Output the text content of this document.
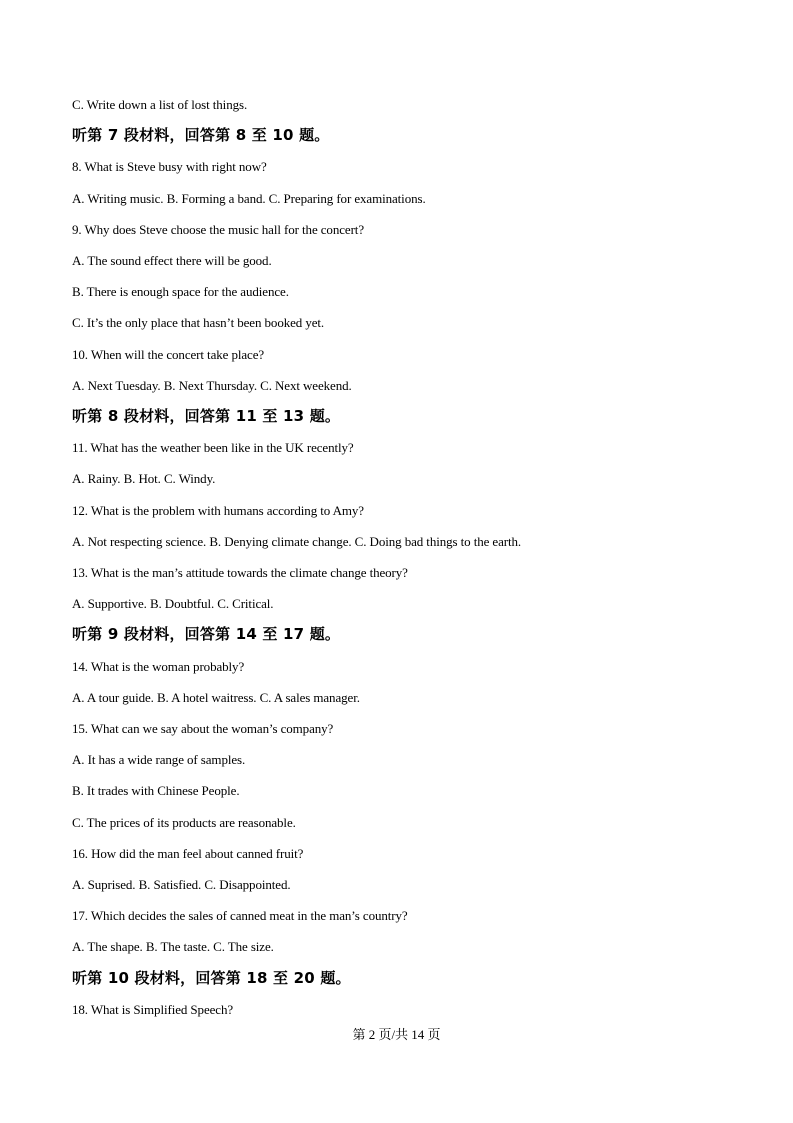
C. Write down a list of lost things.
听第 7 段材料，回答第 8 至 10 题。
8. What is Steve busy with right now?
A. Writing music. B. Forming a band. C. Preparing for examinations.
9. Why does Steve choose the music hall for the concert?
A. The sound effect there will be good.
B. There is enough space for the audience.
C. It’s the only place that hasn’t been booked yet.
10. When will the concert take place?
A. Next Tuesday. B. Next Thursday. C. Next weekend.
听第 8 段材料，回答第 11 至 13 题。
11. What has the weather been like in the UK recently?
A. Rainy. B. Hot. C. Windy.
12. What is the problem with humans according to Amy?
A. Not respecting science. B. Denying climate change. C. Doing bad things to the earth.
13. What is the man’s attitude towards the climate change theory?
A. Supportive. B. Doubtful. C. Critical.
听第 9 段材料，回答第 14 至 17 题。
14. What is the woman probably?
A. A tour guide. B. A hotel waitress. C. A sales manager.
15. What can we say about the woman’s company?
A. It has a wide range of samples.
B. It trades with Chinese People.
C. The prices of its products are reasonable.
16. How did the man feel about canned fruit?
A. Suprised. B. Satisfied. C. Disappointed.
17. Which decides the sales of canned meat in the man’s country?
A. The shape. B. The taste. C. The size.
听第 10 段材料，回答第 18 至 20 题。
18. What is Simplified Speech?
第 2 页/共 14 页
